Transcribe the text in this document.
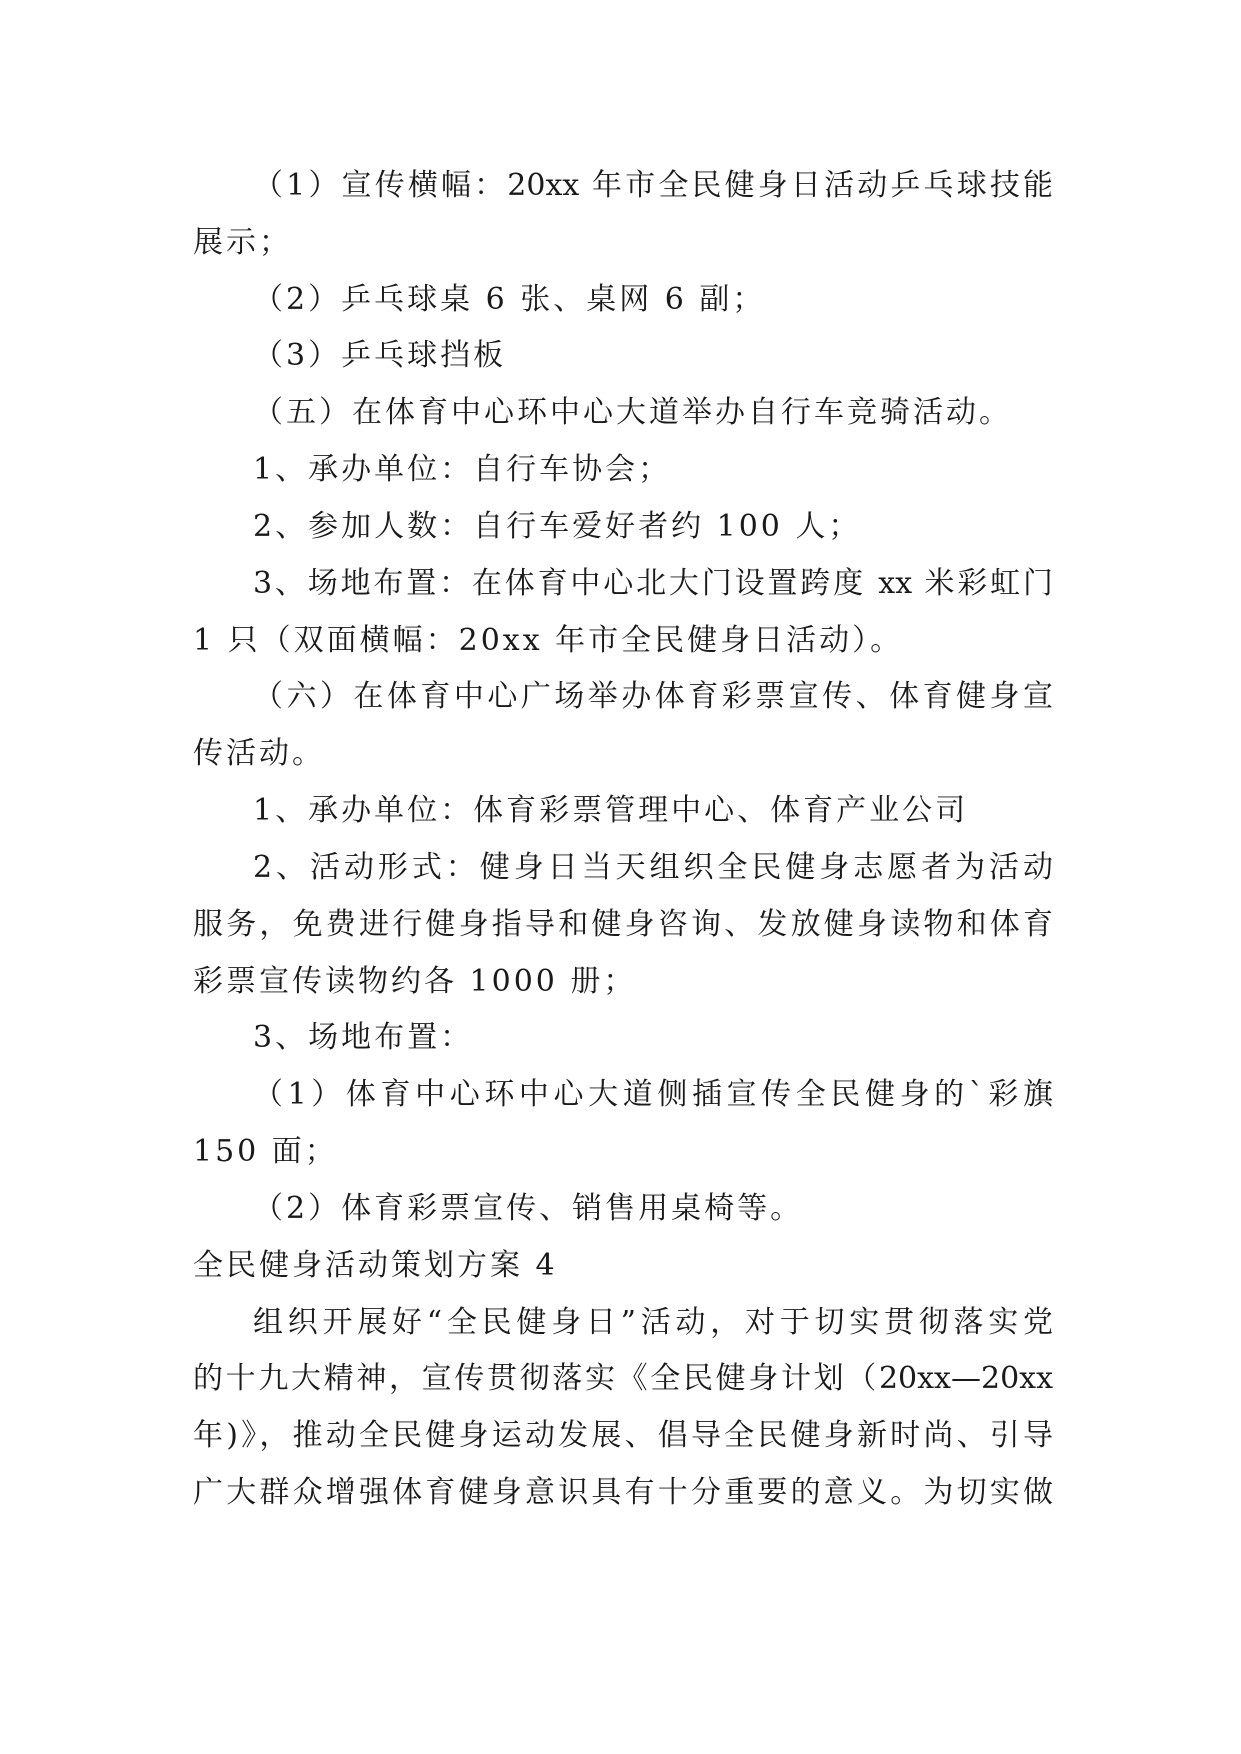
（1）宣传横幅：20xx 年市全民健身日活动乒乓球技能
展示；
（2）乒乓球桌 6 张、桌网 6 副；
（3）乒乓球挡板
（五）在体育中心环中心大道举办自行车竞骑活动。
1、承办单位：自行车协会；
2、参加人数：自行车爱好者约 100 人；
3、场地布置：在体育中心北大门设置跨度 xx 米彩虹门
1 只（双面横幅：20xx 年市全民健身日活动）。
（六）在体育中心广场举办体育彩票宣传、体育健身宣
传活动。
1、承办单位：体育彩票管理中心、体育产业公司
2、活动形式：健身日当天组织全民健身志愿者为活动
服务，免费进行健身指导和健身咨询、发放健身读物和体育
彩票宣传读物约各 1000 册；
3、场地布置：
（1）体育中心环中心大道侧插宣传全民健身的`彩旗
150 面；
（2）体育彩票宣传、销售用桌椅等。
全民健身活动策划方案 4
组织开展好“全民健身日”活动，对于切实贯彻落实党
的十九大精神，宣传贯彻落实《全民健身计划（20xx—20xx
年)》，推动全民健身运动发展、倡导全民健身新时尚、引导
广大群众增强体育健身意识具有十分重要的意义。为切实做
